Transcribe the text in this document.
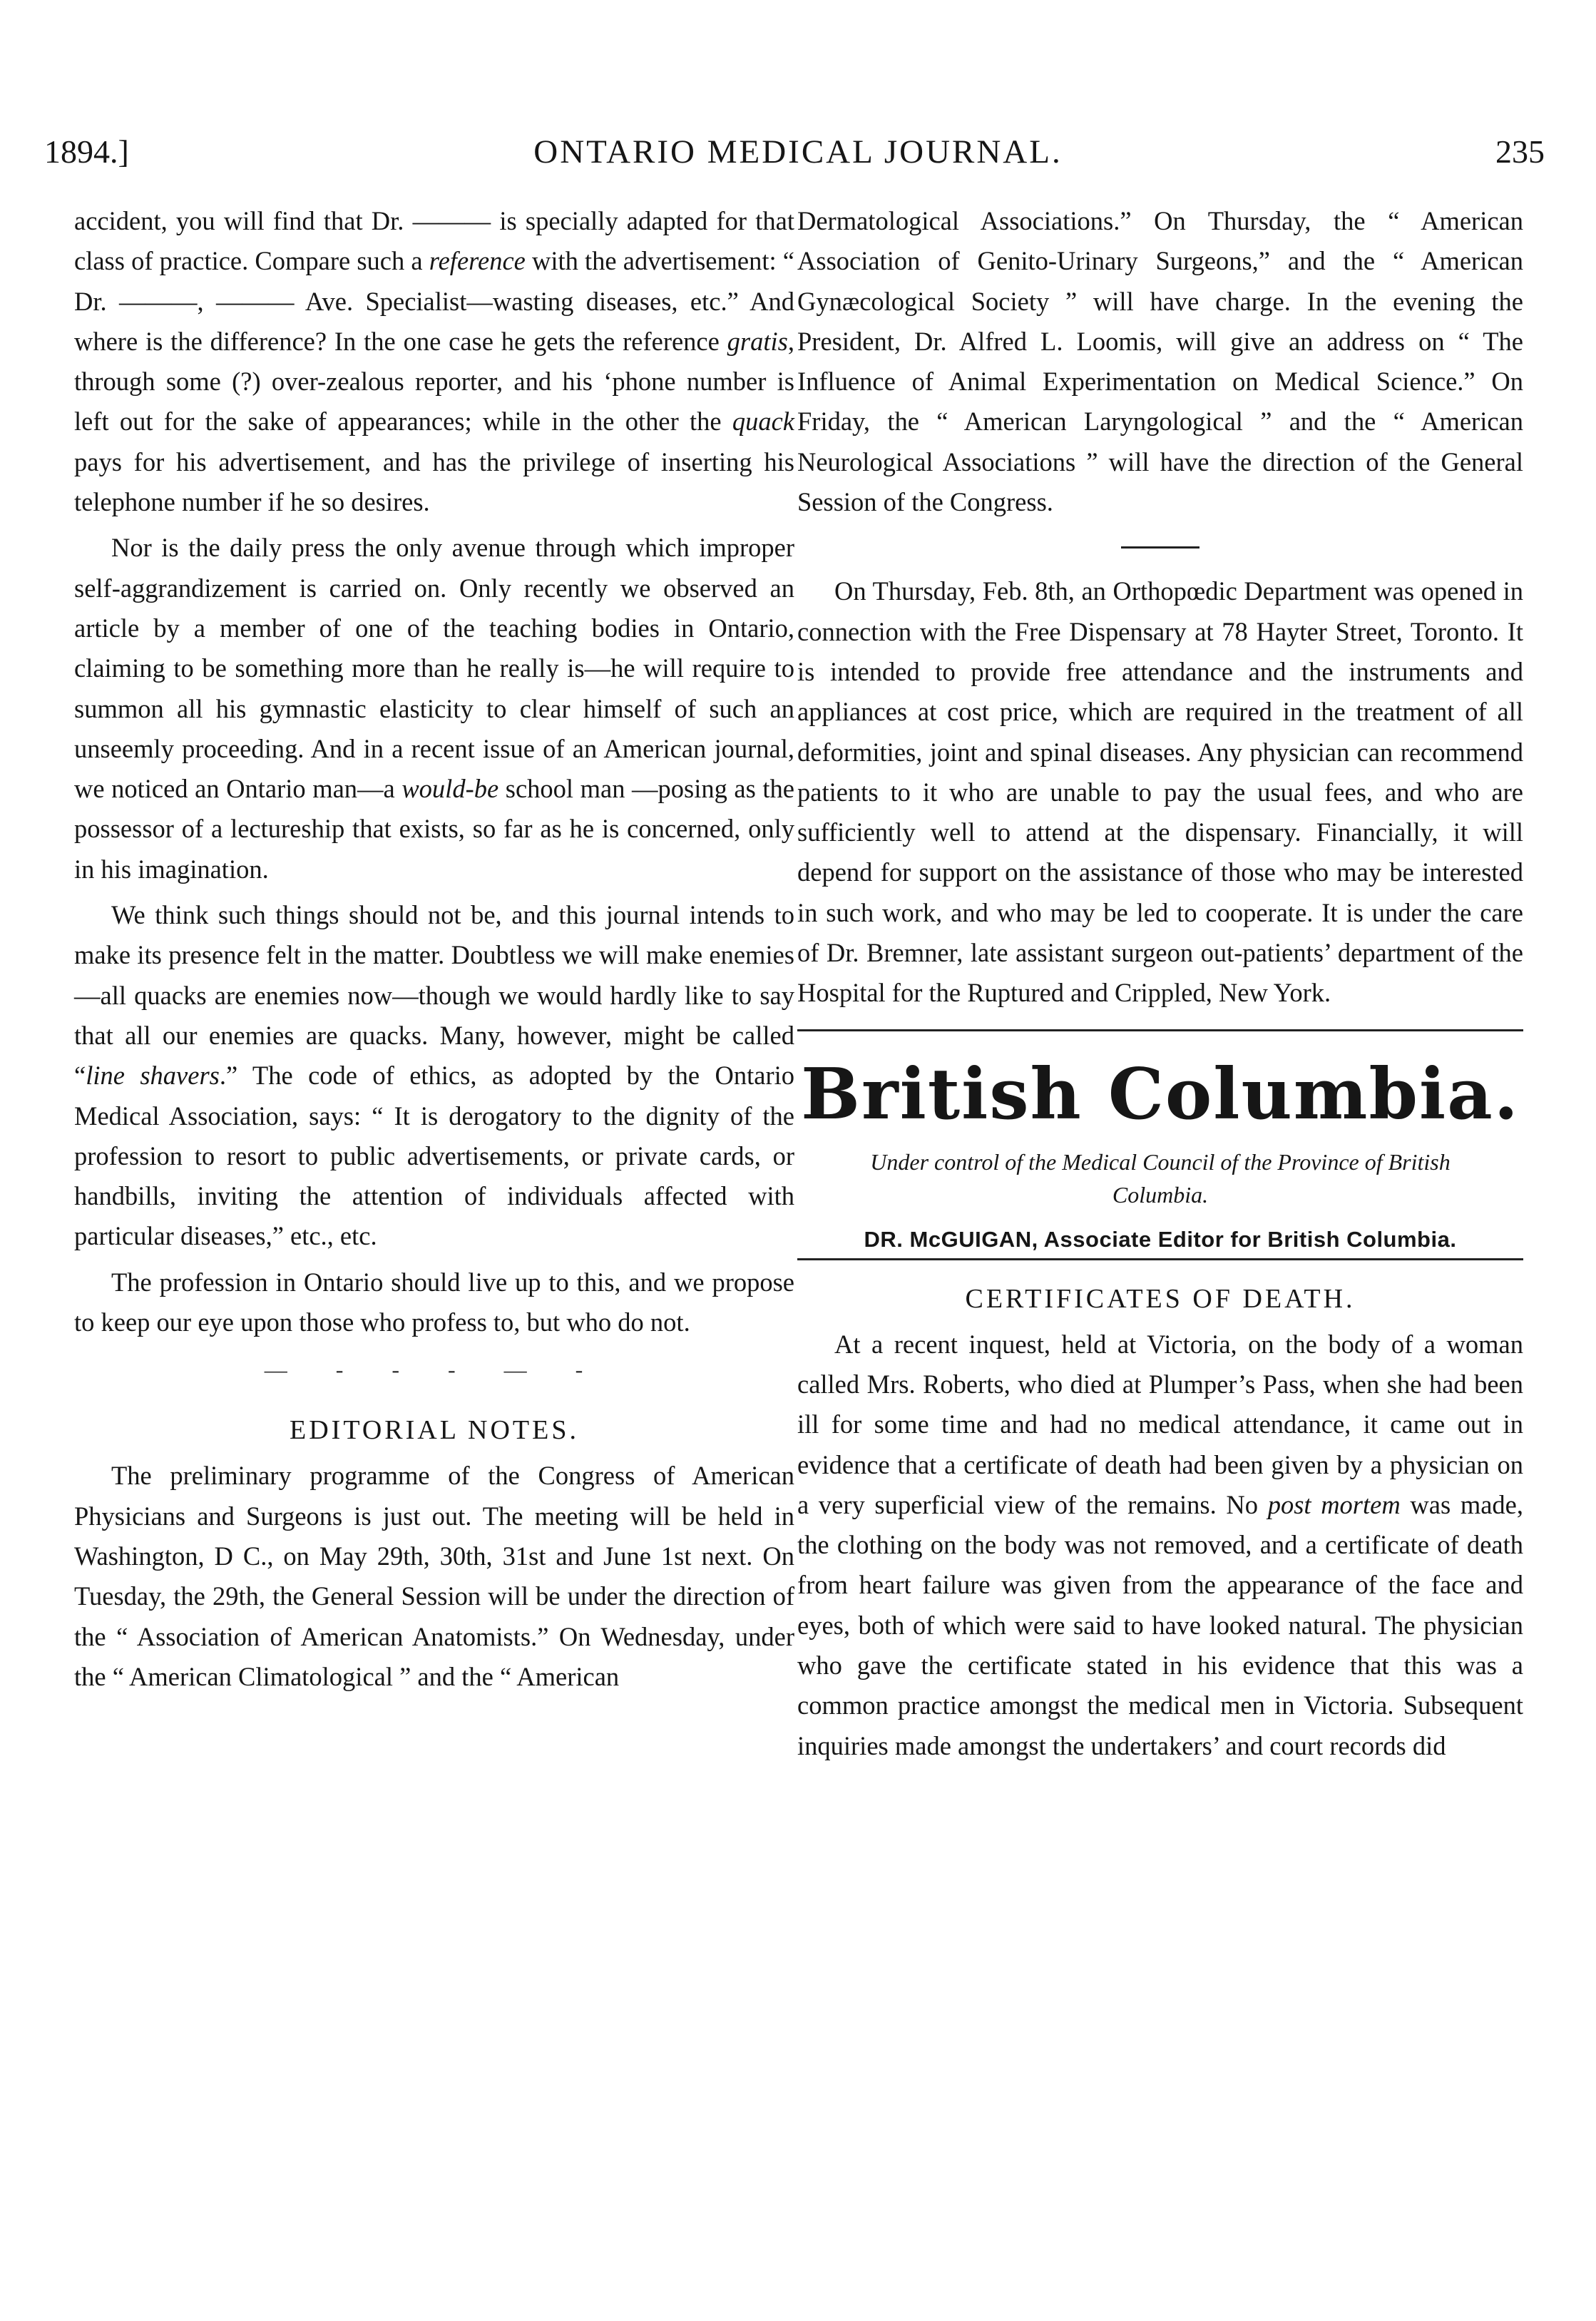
1894.]	ONTARIO MEDICAL JOURNAL.	235

accident, you will find that Dr. ——— is specially adapted for that class of practice. Compare such a reference with the advertisement: “ Dr. ———, ——— Ave. Specialist—wasting diseases, etc.” And where is the difference? In the one case he gets the reference gratis, through some (?) over-zealous reporter, and his ‘phone number is left out for the sake of appearances; while in the other the quack pays for his advertisement, and has the privilege of inserting his telephone number if he so desires.

Nor is the daily press the only avenue through which improper self-aggrandizement is carried on. Only recently we observed an article by a member of one of the teaching bodies in Ontario, claiming to be something more than he really is—he will require to summon all his gymnastic elasticity to clear himself of such an unseemly proceeding. And in a recent issue of an American journal, we noticed an Ontario man—a would-be school man —posing as the possessor of a lectureship that exists, so far as he is concerned, only in his imagination.

We think such things should not be, and this journal intends to make its presence felt in the matter. Doubtless we will make enemies—all quacks are enemies now—though we would hardly like to say that all our enemies are quacks. Many, however, might be called “line shavers.” The code of ethics, as adopted by the Ontario Medical Association, says: “ It is derogatory to the dignity of the profession to resort to public advertisements, or private cards, or handbills, inviting the attention of individuals affected with particular diseases,” etc., etc.

The profession in Ontario should live up to this, and we propose to keep our eye upon those who profess to, but who do not.

— - - - — -

EDITORIAL NOTES.

The preliminary programme of the Congress of American Physicians and Surgeons is just out. The meeting will be held in Washington, D C., on May 29th, 30th, 31st and June 1st next. On Tuesday, the 29th, the General Session will be under the direction of the “ Association of American Anatomists.” On Wednesday, under the “ American Climatological ” and the “ American

Dermatological Associations.” On Thursday, the “ American Association of Genito-Urinary Surgeons,” and the “ American Gynæcological Society ” will have charge. In the evening the President, Dr. Alfred L. Loomis, will give an address on “ The Influence of Animal Experimentation on Medical Science.” On Friday, the “ American Laryngological ” and the “ American Neurological Associations ” will have the direction of the General Session of the Congress.

On Thursday, Feb. 8th, an Orthopœdic Department was opened in connection with the Free Dispensary at 78 Hayter Street, Toronto. It is intended to provide free attendance and the instruments and appliances at cost price, which are required in the treatment of all deformities, joint and spinal diseases. Any physician can recommend patients to it who are unable to pay the usual fees, and who are sufficiently well to attend at the dispensary. Financially, it will depend for support on the assistance of those who may be interested in such work, and who may be led to cooperate. It is under the care of Dr. Bremner, late assistant surgeon out-patients’ department of the Hospital for the Ruptured and Crippled, New York.

British Columbia.
Under control of the Medical Council of the Province of British Columbia.
DR. McGUIGAN, Associate Editor for British Columbia.

CERTIFICATES OF DEATH.

At a recent inquest, held at Victoria, on the body of a woman called Mrs. Roberts, who died at Plumper’s Pass, when she had been ill for some time and had no medical attendance, it came out in evidence that a certificate of death had been given by a physician on a very superficial view of the remains. No post mortem was made, the clothing on the body was not removed, and a certificate of death from heart failure was given from the appearance of the face and eyes, both of which were said to have looked natural. The physician who gave the certificate stated in his evidence that this was a common practice amongst the medical men in Victoria. Subsequent inquiries made amongst the undertakers’ and court records did
